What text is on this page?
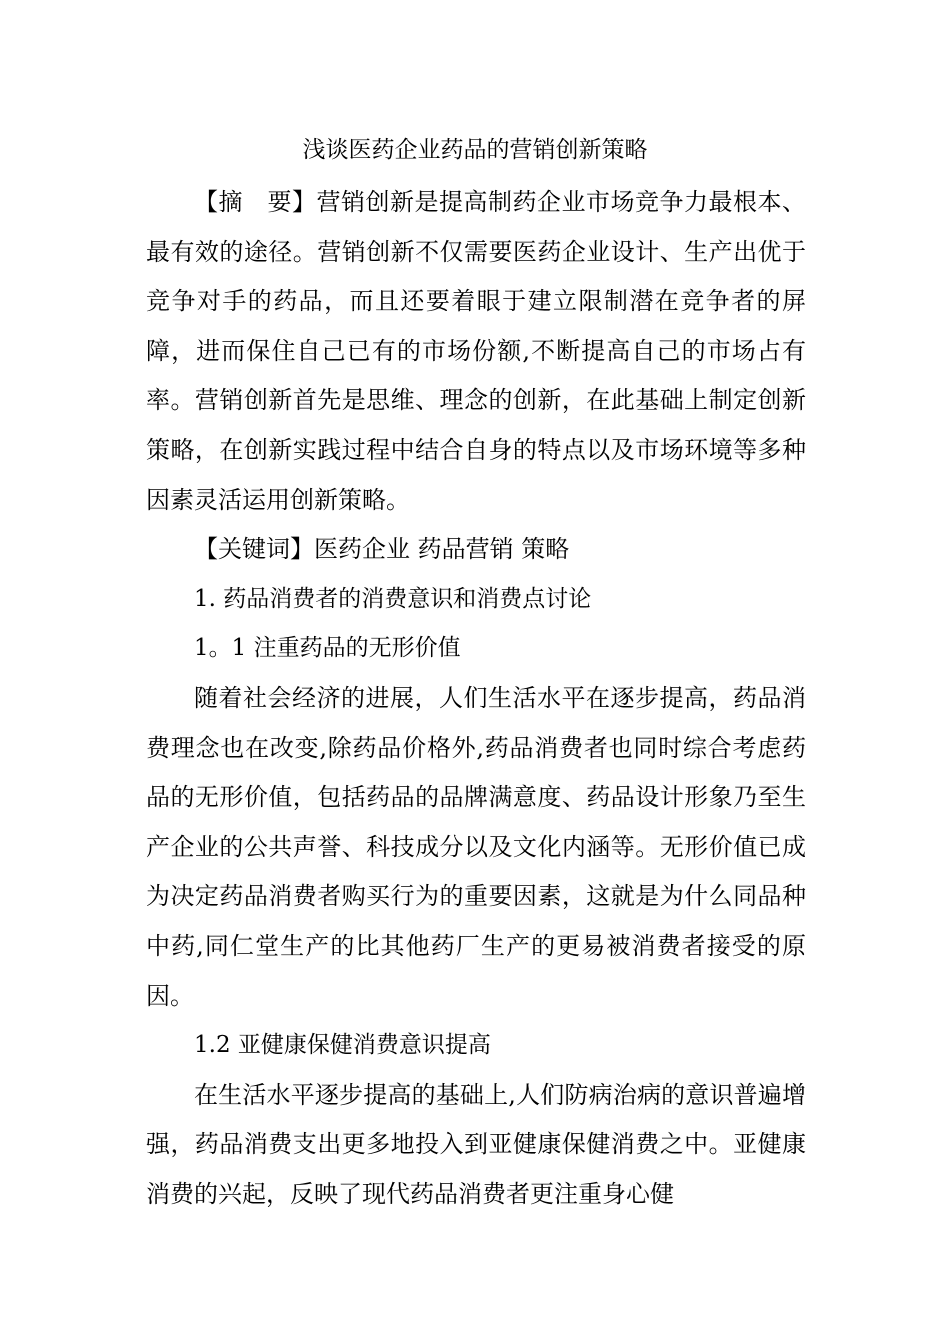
浅谈医药企业药品的营销创新策略

【摘　要】营销创新是提高制药企业市场竞争力最根本、最有效的途径。营销创新不仅需要医药企业设计、生产出优于竞争对手的药品，而且还要着眼于建立限制潜在竞争者的屏障，进而保住自己已有的市场份额,不断提高自己的市场占有率。营销创新首先是思维、理念的创新，在此基础上制定创新策略，在创新实践过程中结合自身的特点以及市场环境等多种因素灵活运用创新策略。

【关键词】医药企业 药品营销 策略

1. 药品消费者的消费意识和消费点讨论

1。1 注重药品的无形价值

随着社会经济的进展，人们生活水平在逐步提高，药品消费理念也在改变,除药品价格外,药品消费者也同时综合考虑药品的无形价值，包括药品的品牌满意度、药品设计形象乃至生产企业的公共声誉、科技成分以及文化内涵等。无形价值已成为决定药品消费者购买行为的重要因素，这就是为什么同品种中药,同仁堂生产的比其他药厂生产的更易被消费者接受的原因。

1.2 亚健康保健消费意识提高

在生活水平逐步提高的基础上,人们防病治病的意识普遍增强，药品消费支出更多地投入到亚健康保健消费之中。亚健康消费的兴起，反映了现代药品消费者更注重身心健
